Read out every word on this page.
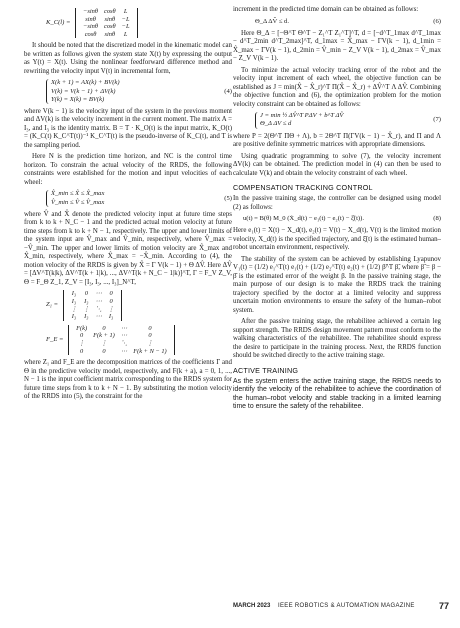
K_C(l) =
−sinθ	cosθ	L
sinθ	sinθ	−L
−sinθ	cosθ	−L
cosθ	sinθ	L

It should be noted that the discretized model in the kinematic model can be written as follows given the system state X(t) by expressing the output as Y(t) = X(t). Using the nonlinear feedforward difference method and rewriting the velocity input V(t) in incremental form,

X(k + 1) = AX(k) + BV(k)
V(k) = V(k − 1) + ΔV(k)
Y(k) = X(k) = BV(k)
(4)

where V(k − 1) is the velocity input of the system in the previous moment and ΔV(k) is the velocity increment in the current moment. The matrix A = I₃, and I₃ is the identity matrix. B = T · K_O(t) is the input matrix, K_O(t) = (K_C(t) K_C^T(t))⁻¹ K_C^T(t) is the pseudo-inverse of K_C(t), and T is the sampling period.

Here N is the prediction time horizon, and NC is the control time horizon. To constrain the actual velocity of the RRDS, the following constraints were established for the motion and input velocities of each wheel:

X̂_min ≤ X̂ ≤ X̂_max
V̂_min ≤ V̂ ≤ V̂_max
(5)

where V̂ and X̂ denote the predicted velocity input at future time steps from k to k + N_C − 1 and the predicted actual motion velocity at future time steps from k to k + N − 1, respectively. The upper and lower limits of the system input are V̂_max and V̂_min, respectively, where V̂_max = −V̂_min. The upper and lower limits of motion velocity are X̂_max and X̂_min, respectively, where X̂_max = −X̂_min. According to (4), the motion velocity of the RRDS is given by X̂ = Γ V(k − 1) + Θ ΔV̂. Here ΔV̂ = [ΔV^T(k|k), ΔV^T(k + 1|k), ..., ΔV^T(k + N_C − 1|k)]^T, Γ = F_V Z_V, Θ = F_Θ Z_1, Z_V = [I₃, I₃, ..., I₃]_N^T,

Z₁ =
I₃	0	⋯	0
I₃	I₃	⋯	0
⋮	⋮	⋱	⋮
I₃	I₃	⋯	I₃
F_E =
F(k)	0	⋯	0
0	F(k + 1)	⋯	0
⋮	⋮	⋱	⋮
0	0	⋯	F(k + N − 1)

where Z₁ and F_E are the decomposition matrices of the coefficients Γ and Θ in the predictive velocity model, respectively, and F(k + a), a = 0, 1, ..., N − 1 is the input coefficient matrix corresponding to the RRDS system for future time steps from k to k + N − 1. By substituting the motion velocity of the RRDS into (5), the constraint for the

increment in the predicted time domain can be obtained as follows:

Θ_Δ ΔV̂ ≤ d.	(6)

Here Θ_Δ = [−Θ^T Θ^T − Z₁^T Z₁^T]^T, d = [−d^T_1max d^T_1max − d^T_2min d^T_2max]^T, d_1max = X̂_max − ΓV(k − 1), d_1min = X̂_max − ΓV(k − 1), d_2min = V̂_min − Z_V V(k − 1), d_2max = V̂_max − Z_V V(k − 1).

To minimize the actual velocity tracking error of the robot and the velocity input increment of each wheel, the objective function can be established as J = min(X̂ − X̂_r)^T Π(X̂ − X̂_r) + ΔV̂^T Λ ΔV̂. Combining the objective function and (6), the optimization problem for the motion velocity constraint can be obtained as follows:

J = min ½ ΔV̂^T PΔV + b^T ΔV̂
Θ_Δ ΔV ≤ d
(7)

where P = 2(Θ^T ΠΘ + Λ), b = 2Θ^T Π(ΓV(k − 1) − X̂_r), and Π and Λ are positive definite symmetric matrices with appropriate dimensions.

Using quadratic programming to solve (7), the velocity increment ΔV(k) can be obtained. The prediction model in (4) can then be used to calculate V(k) and obtain the velocity constraint of each wheel.

COMPENSATION TRACKING CONTROL

In the passive training stage, the controller can be designed using model (2) as follows:

u(t) = B(θ) M_0 (Ẋ_d(t) − e₁(t) − e₂(t) − ξ̂(t)).	(8)

Here e₁(t) = X(t) − X_d(t), e₂(t) = V(t) − X_d(t), V(t) is the limited motion velocity, X_d(t) is the specified trajectory, and ξ̂(t) is the estimated human–robot uncertain environment, respectively.

The stability of the system can be achieved by establishing Lyapunov V₁(t) = (1/2) e₁^T(t) e₁(t) + (1/2) e₂^T(t) e₂(t) + (1/2) β̃^T β̃, where β̃ = β − β̂ is the estimated error of the weight β. In the passive training stage, the main purpose of our design is to make the RRDS track the training trajectory specified by the doctor at a limited velocity and suppress uncertain motion environments to ensure the safety of the human–robot system.

After the passive training stage, the rehabilitee achieved a certain leg support strength. The RRDS design movement pattern must conform to the walking characteristics of the rehabilitee. The rehabilitee should express the desire to participate in the training process. Next, the RRDS function should be switched directly to the active training stage.

ACTIVE TRAINING

As the system enters the active training stage, the RRDS needs to identify the velocity of the rehabilitee to achieve the coordination of the human–robot velocity and stable tracking in a limited learning time to ensure the safety of the rehabilitee.

MARCH 2023 IEEE ROBOTICS & AUTOMATION MAGAZINE	77
